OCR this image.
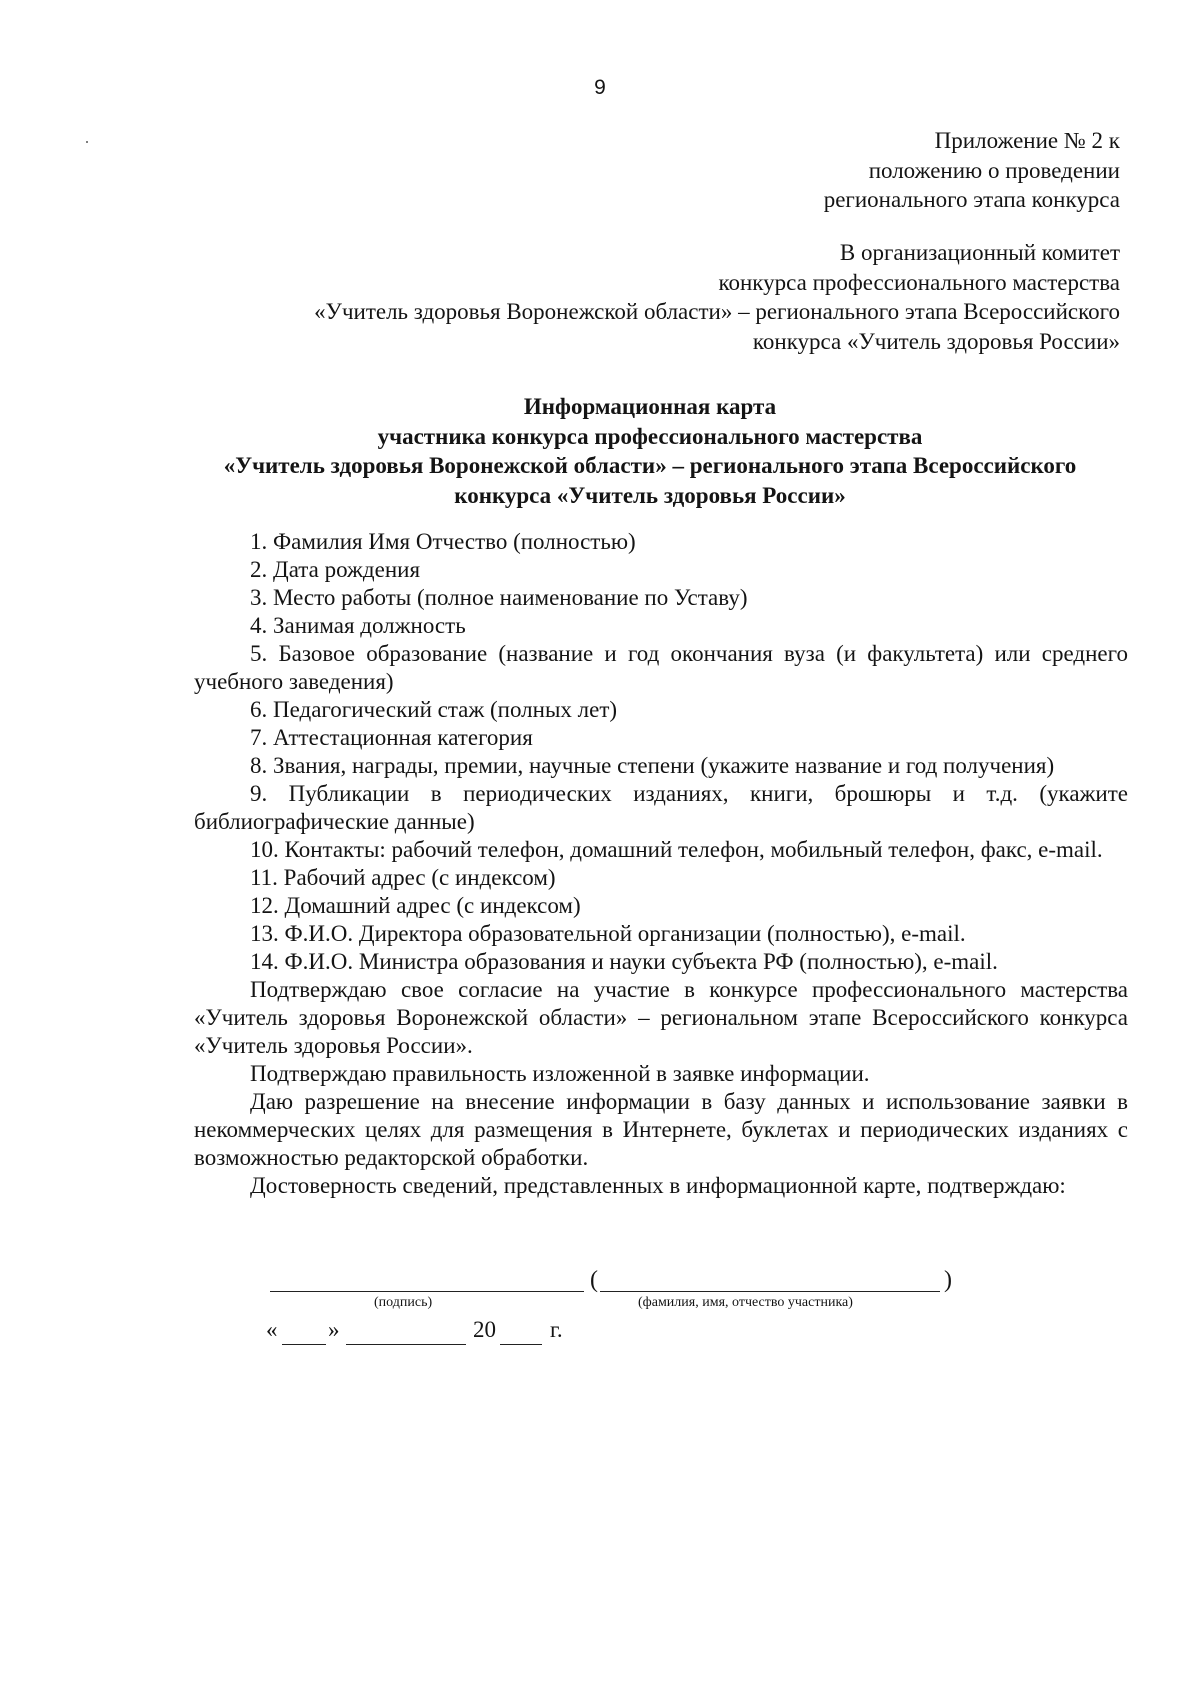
9
Приложение № 2 к
положению о проведении
регионального этапа конкурса
В организационный комитет
конкурса профессионального мастерства
«Учитель здоровья Воронежской области» – регионального этапа Всероссийского
конкурса «Учитель здоровья России»
Информационная карта
участника конкурса профессионального мастерства
«Учитель здоровья Воронежской области» – регионального этапа Всероссийского
конкурса «Учитель здоровья России»
1. Фамилия Имя Отчество (полностью)
2. Дата рождения
3. Место работы (полное наименование по Уставу)
4. Занимая должность
5. Базовое образование (название и год окончания вуза (и факультета) или среднего учебного заведения)
6. Педагогический стаж (полных лет)
7. Аттестационная категория
8. Звания, награды, премии, научные степени (укажите название и год получения)
9. Публикации в периодических изданиях, книги, брошюры и т.д. (укажите библиографические данные)
10. Контакты: рабочий телефон, домашний телефон, мобильный телефон, факс, e-mail.
11. Рабочий адрес (с индексом)
12. Домашний адрес (с индексом)
13. Ф.И.О. Директора образовательной организации (полностью), e-mail.
14. Ф.И.О. Министра образования и науки субъекта РФ (полностью), e-mail.
Подтверждаю свое согласие на участие в конкурсе профессионального мастерства «Учитель здоровья Воронежской области» – региональном этапе Всероссийского конкурса «Учитель здоровья России».
Подтверждаю правильность изложенной в заявке информации.
Даю разрешение на внесение информации в базу данных и использование заявки в некоммерческих целях для размещения в Интернете, буклетах и периодических изданиях с возможностью редакторской обработки.
Достоверность сведений, представленных в информационной карте, подтверждаю:
(подпись)
(
(фамилия, имя, отчество участника)
)
« »	20 г.
